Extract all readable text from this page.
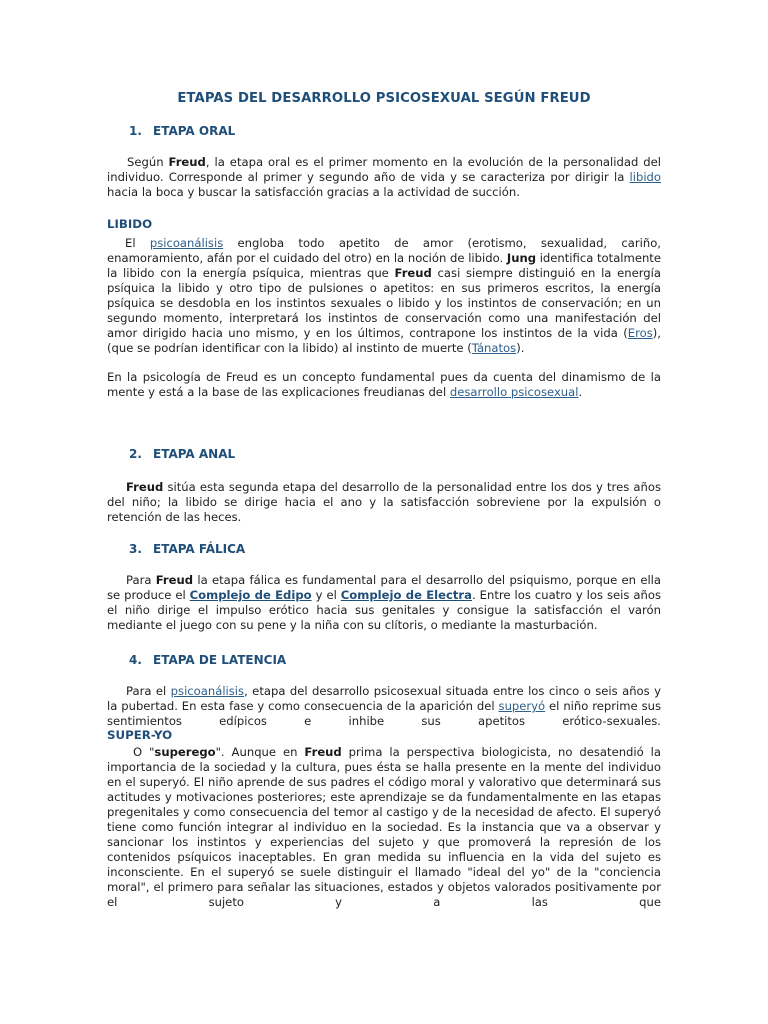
ETAPAS DEL DESARROLLO PSICOSEXUAL SEGÚN FREUD
1. ETAPA ORAL
Según Freud, la etapa oral es el primer momento en la evolución de la personalidad del individuo. Corresponde al primer y segundo año de vida y se caracteriza por dirigir la libido hacia la boca y buscar la satisfacción gracias a la actividad de succión.
LIBIDO
El psicoanálisis engloba todo apetito de amor (erotismo, sexualidad, cariño, enamoramiento, afán por el cuidado del otro) en la noción de libido. Jung identifica totalmente la libido con la energía psíquica, mientras que Freud casi siempre distinguió en la energía psíquica la libido y otro tipo de pulsiones o apetitos: en sus primeros escritos, la energía psíquica se desdobla en los instintos sexuales o libido y los instintos de conservación; en un segundo momento, interpretará los instintos de conservación como una manifestación del amor dirigido hacia uno mismo, y en los últimos, contrapone los instintos de la vida (Eros), (que se podrían identificar con la libido) al instinto de muerte (Tánatos).
En la psicología de Freud es un concepto fundamental pues da cuenta del dinamismo de la mente y está a la base de las explicaciones freudianas del desarrollo psicosexual.
2. ETAPA ANAL
Freud sitúa esta segunda etapa del desarrollo de la personalidad entre los dos y tres años del niño; la libido se dirige hacia el ano y la satisfacción sobreviene por la expulsión o retención de las heces.
3. ETAPA FÁLICA
Para Freud la etapa fálica es fundamental para el desarrollo del psiquismo, porque en ella se produce el Complejo de Edipo y el Complejo de Electra. Entre los cuatro y los seis años el niño dirige el impulso erótico hacia sus genitales y consigue la satisfacción el varón mediante el juego con su pene y la niña con su clítoris, o mediante la masturbación.
4. ETAPA DE LATENCIA
Para el psicoanálisis, etapa del desarrollo psicosexual situada entre los cinco o seis años y la pubertad. En esta fase y como consecuencia de la aparición del superyó el niño reprime sus sentimientos edípicos e inhibe sus apetitos erótico-sexuales.
SUPER-YO
O "superego". Aunque en Freud prima la perspectiva biologicista, no desatendió la importancia de la sociedad y la cultura, pues ésta se halla presente en la mente del individuo en el superyó. El niño aprende de sus padres el código moral y valorativo que determinará sus actitudes y motivaciones posteriores; este aprendizaje se da fundamentalmente en las etapas pregenitales y como consecuencia del temor al castigo y de la necesidad de afecto. El superyó tiene como función integrar al individuo en la sociedad. Es la instancia que va a observar y sancionar los instintos y experiencias del sujeto y que promoverá la represión de los contenidos psíquicos inaceptables. En gran medida su influencia en la vida del sujeto es inconsciente. En el superyó se suele distinguir el llamado "ideal del yo" de la "conciencia moral", el primero para señalar las situaciones, estados y objetos valorados positivamente por el sujeto y a las que
